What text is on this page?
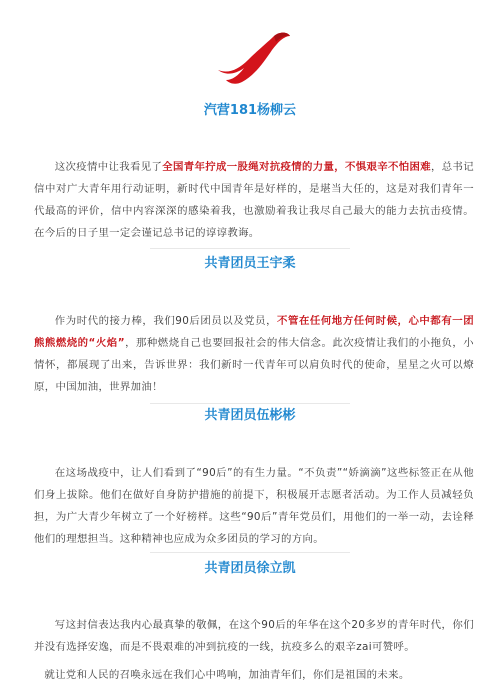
汽营181杨柳云

这次疫情中让我看见了全国青年拧成一股绳对抗疫情的力量，不惧艰辛不怕困难，总书记信中对广大青年用行动证明，新时代中国青年是好样的，是堪当大任的，这是对我们青年一代最高的评价，信中内容深深的感染着我，也激励着我让我尽自己最大的能力去抗击疫情。在今后的日子里一定会谨记总书记的谆谆教诲。

共青团员王宇柔

作为时代的接力棒，我们90后团员以及党员，不管在任何地方任何时候，心中都有一团熊熊燃烧的“火焰”，那种燃烧自己也要回报社会的伟大信念。此次疫情让我们的小拖负，小情怀，都展现了出来，告诉世界：我们新时一代青年可以肩负时代的使命，星星之火可以燎原，中国加油，世界加油！

共青团员伍彬彬

在这场战疫中，让人们看到了“90后”的有生力量。“不负责”“娇滴滴”这些标签正在从他们身上拔除。他们在做好自身防护措施的前提下，积极展开志愿者活动。为工作人员减轻负担，为广大青少年树立了一个好榜样。这些“90后”青年党员们，用他们的一举一动，去诠释他们的理想担当。这种精神也应成为众多团员的学习的方向。

共青团员徐立凯

写这封信表达我内心最真挚的敬佩，在这个90后的年华在这个20多岁的青年时代，你们并没有选择安逸，而是不畏艰难的冲到抗疫的一线，抗疫多么的艰辛zai可赞呼。

就让党和人民的召唤永远在我们心中鸣响，加油青年们，你们是祖国的未来。
